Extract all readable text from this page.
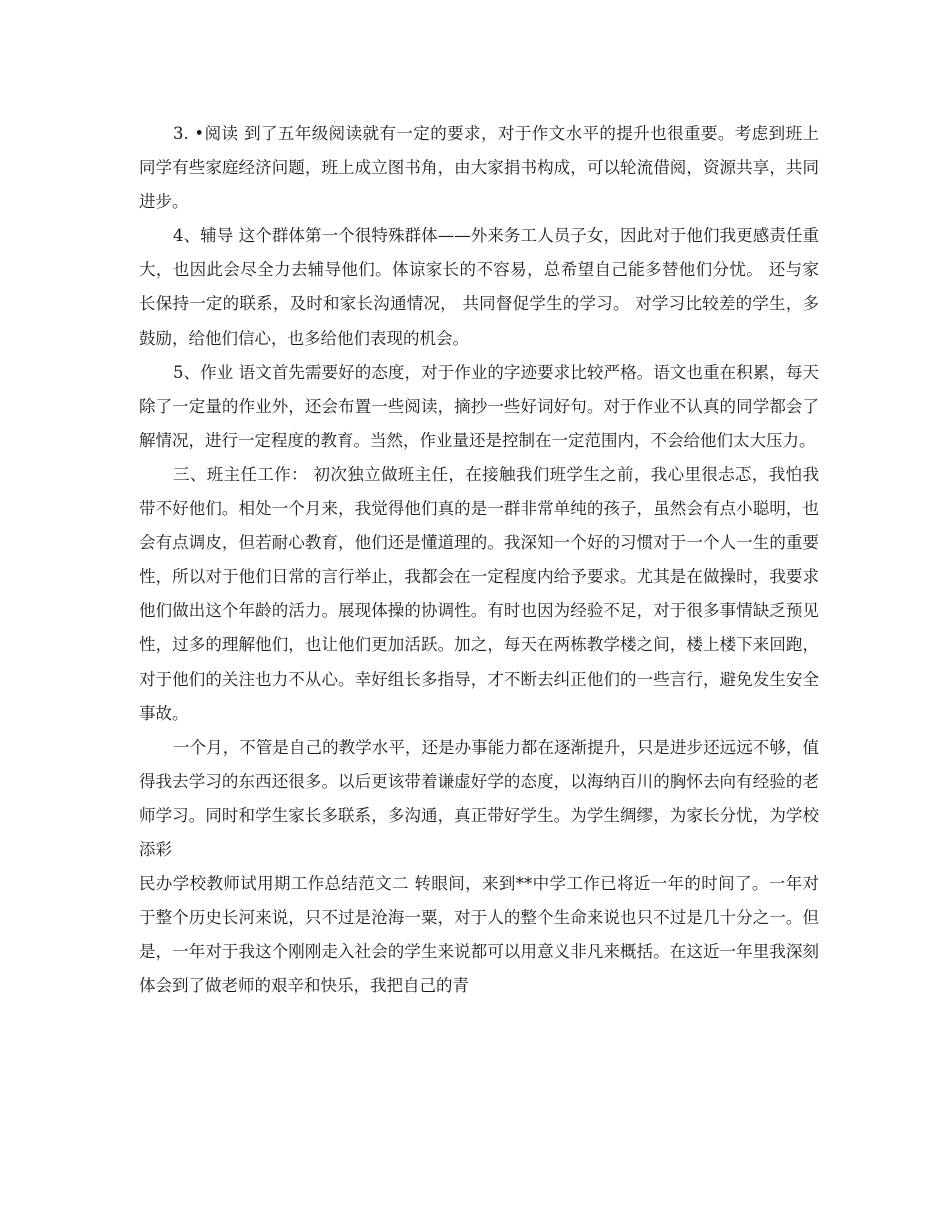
3. •阅读 到了五年级阅读就有一定的要求，对于作文水平的提升也很重要。考虑到班上同学有些家庭经济问题，班上成立图书角，由大家捐书构成，可以轮流借阅，资源共享，共同进步。

4、辅导 这个群体第一个很特殊群体——外来务工人员子女，因此对于他们我更感责任重大，也因此会尽全力去辅导他们。体谅家长的不容易，总希望自己能多替他们分忧。 还与家长保持一定的联系，及时和家长沟通情况， 共同督促学生的学习。 对学习比较差的学生，多鼓励，给他们信心，也多给他们表现的机会。

5、作业 语文首先需要好的态度，对于作业的字迹要求比较严格。语文也重在积累，每天除了一定量的作业外，还会布置一些阅读，摘抄一些好词好句。对于作业不认真的同学都会了解情况，进行一定程度的教育。当然，作业量还是控制在一定范围内，不会给他们太大压力。

三、班主任工作： 初次独立做班主任，在接触我们班学生之前，我心里很忐忑，我怕我带不好他们。相处一个月来，我觉得他们真的是一群非常单纯的孩子，虽然会有点小聪明，也会有点调皮，但若耐心教育，他们还是懂道理的。我深知一个好的习惯对于一个人一生的重要性，所以对于他们日常的言行举止，我都会在一定程度内给予要求。尤其是在做操时，我要求他们做出这个年龄的活力。展现体操的协调性。有时也因为经验不足，对于很多事情缺乏预见性，过多的理解他们，也让他们更加活跃。加之，每天在两栋教学楼之间，楼上楼下来回跑，对于他们的关注也力不从心。幸好组长多指导，才不断去纠正他们的一些言行，避免发生安全事故。

一个月，不管是自己的教学水平，还是办事能力都在逐渐提升，只是进步还远远不够，值得我去学习的东西还很多。以后更该带着谦虚好学的态度，以海纳百川的胸怀去向有经验的老师学习。同时和学生家长多联系，多沟通，真正带好学生。为学生绸缪，为家长分忧，为学校添彩

民办学校教师试用期工作总结范文二 转眼间，来到**中学工作已将近一年的时间了。一年对于整个历史长河来说，只不过是沧海一粟，对于人的整个生命来说也只不过是几十分之一。但是，一年对于我这个刚刚走入社会的学生来说都可以用意义非凡来概括。在这近一年里我深刻体会到了做老师的艰辛和快乐，我把自己的青
